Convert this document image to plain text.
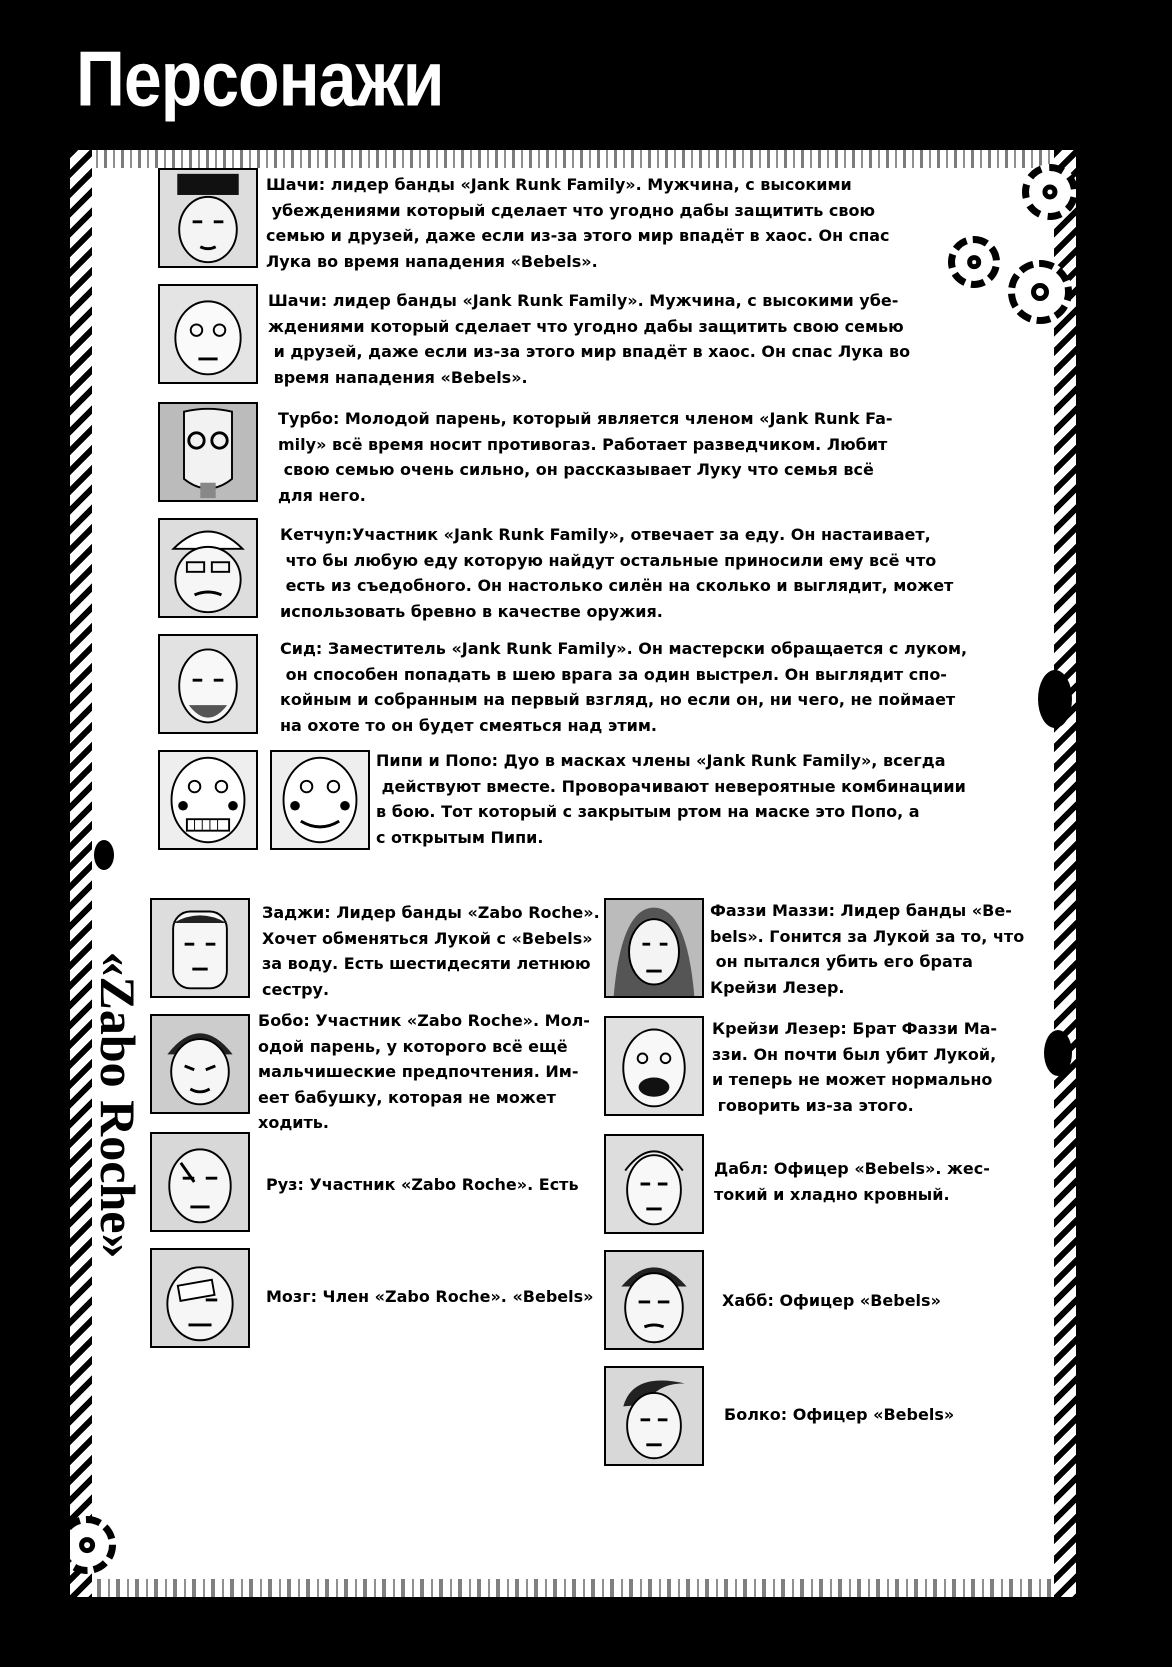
Персонажи

Шачи: лидер банды «Jank Runk Family». Мужчина, с высокими
убеждениями который сделает что угодно дабы защитить свою
семью и друзей, даже если из-за этого мир впадёт в хаос. Он спас
Лука во время нападения «Bebels».

Шачи: лидер банды «Jank Runk Family». Мужчина, с высокими убе-
ждениями который сделает что угодно дабы защитить свою семью
и друзей, даже если из-за этого мир впадёт в хаос. Он спас Лука во
время нападения «Bebels».

Турбо: Молодой парень, который является членом «Jank Runk Fa-
mily» всё время носит противогаз. Работает разведчиком. Любит
свою семью очень сильно, он рассказывает Луку что семья всё
для него.

Кетчуп:Участник «Jank Runk Family», отвечает за еду. Он настаивает,
что бы любую еду которую найдут остальные приносили ему всё что
есть из съедобного. Он настолько силён на сколько и выглядит, может
использовать бревно в качестве оружия.

Сид: Заместитель «Jank Runk Family». Он мастерски обращается с луком,
он способен попадать в шею врага за один выстрел. Он выглядит спо-
койным и собранным на первый взгляд, но если он, ни чего, не поймает
на охоте то он будет смеяться над этим.

Пипи и Попо: Дуо в масках члены «Jank Runk Family», всегда
действуют вместе. Проворачивают невероятные комбинациии
в бою. Тот который с закрытым ртом на маске это Попо, а
с открытым Пипи.

«Zabo Roche»

Заджи: Лидер банды «Zabo Roche».
Хочет обменяться Лукой с «Bebels»
за воду. Есть шестидесяти летнюю
сестру.

Бобо: Участник «Zabo Roche». Мол-
одой парень, у которого всё ещё
мальчишеские предпочтения. Им-
eет бабушку, которая не может
ходить.

Руз: Участник «Zabo Roche». Есть

Мозг: Член «Zabo Roche». «Bebels»

Фаззи Маззи: Лидер банды «Be-
bels». Гонится за Лукой за то, что
он пытался убить его брата
Крейзи Лезер.

Крейзи Лезер: Брат Фаззи Ма-
ззи. Он почти был убит Лукой,
и теперь не может нормально
говорить из-за этого.

Дабл: Офицер «Bebels». жес-
токий и хладно кровный.

Хабб: Офицер «Bebels»

Болко: Офицер «Bebels»
